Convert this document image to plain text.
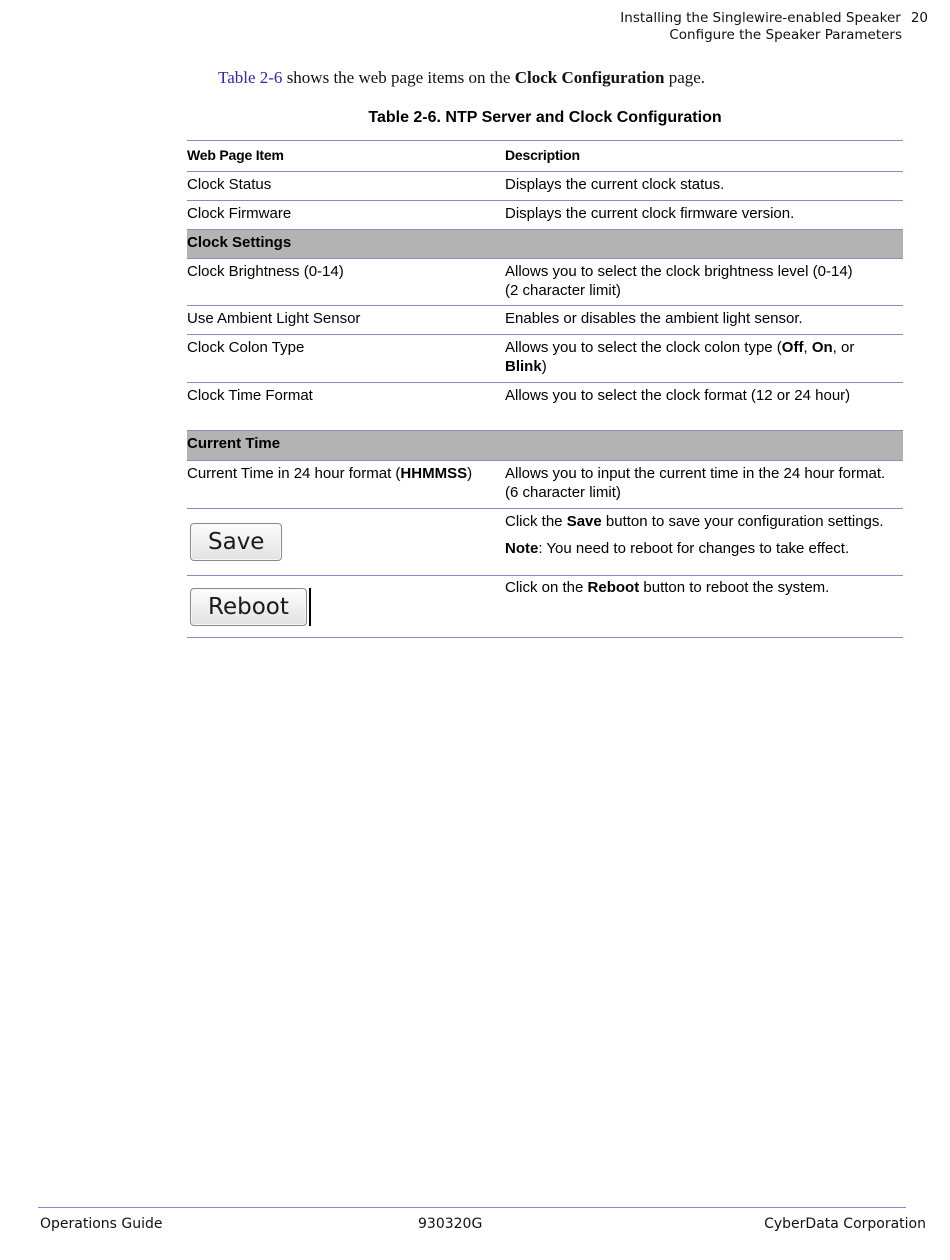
Installing the Singlewire-enabled Speaker 20
Configure the Speaker Parameters
Table 2-6 shows the web page items on the Clock Configuration page.
Table 2-6. NTP Server and Clock Configuration
Web Page Item	Description
Clock Status	Displays the current clock status.
Clock Firmware	Displays the current clock firmware version.
Clock Settings
Clock Brightness (0-14)	Allows you to select the clock brightness level (0-14)
(2 character limit)
Use Ambient Light Sensor	Enables or disables the ambient light sensor.
Clock Colon Type	Allows you to select the clock colon type (Off, On, or
Blink)
Clock Time Format	Allows you to select the clock format (12 or 24 hour)
Current Time
Current Time in 24 hour format (HHMMSS)	Allows you to input the current time in the 24 hour format.
(6 character limit)
Save
Click the Save button to save your configuration settings.
Note: You need to reboot for changes to take effect.
Reboot
Click on the Reboot button to reboot the system.
Operations Guide	930320G	CyberData Corporation
